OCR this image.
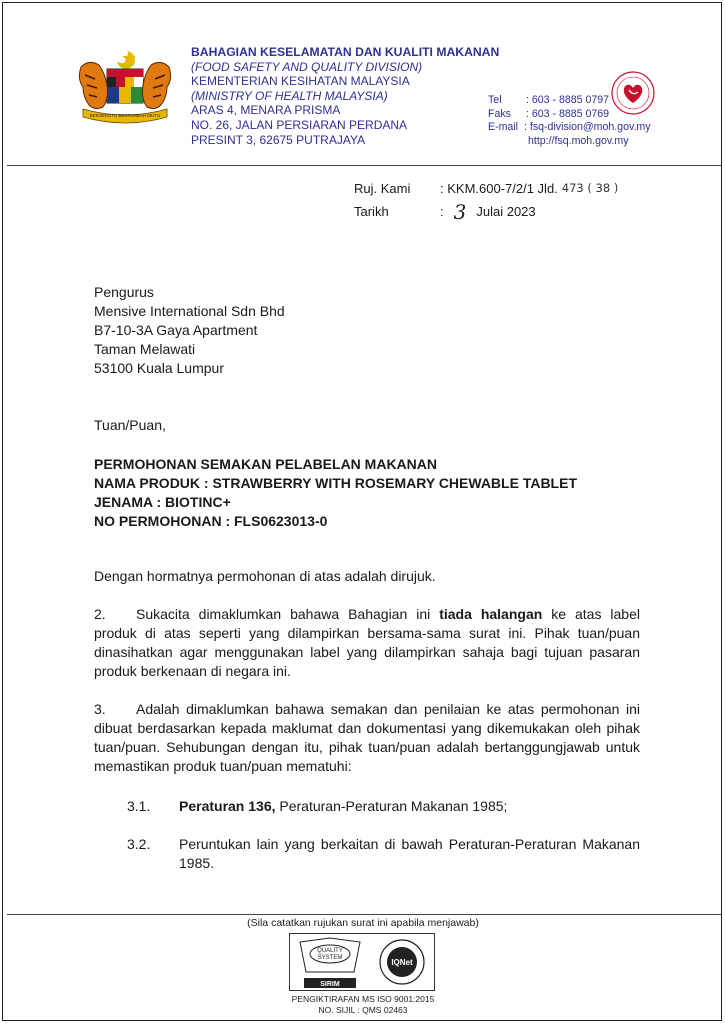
BERSEKUTU BERTAMBAH MUTU
BAHAGIAN KESELAMATAN DAN KUALITI MAKANAN
(FOOD SAFETY AND QUALITY DIVISION)
KEMENTERIAN KESIHATAN MALAYSIA
(MINISTRY OF HEALTH MALAYSIA)
ARAS 4, MENARA PRISMA
NO. 26, JALAN PERSIARAN PERDANA
PRESINT 3, 62675 PUTRAJAYA
Tel	: 603 - 8885 0797
Faks	: 603 - 8885 0769
E-mail : fsq-division@moh.gov.my
http://fsq.moh.gov.my
Ruj. Kami	: KKM.600-7/2/1 Jld. 473 ( 38 )
Tarikh	: 3 Julai 2023
Pengurus
Mensive International Sdn Bhd
B7-10-3A Gaya Apartment
Taman Melawati
53100 Kuala Lumpur
Tuan/Puan,
PERMOHONAN SEMAKAN PELABELAN MAKANAN
NAMA PRODUK : STRAWBERRY WITH ROSEMARY CHEWABLE TABLET
JENAMA : BIOTINC+
NO PERMOHONAN : FLS0623013-0
Dengan hormatnya permohonan di atas adalah dirujuk.
2. Sukacita dimaklumkan bahawa Bahagian ini tiada halangan ke atas label produk di atas seperti yang dilampirkan bersama-sama surat ini. Pihak tuan/puan dinasihatkan agar menggunakan label yang dilampirkan sahaja bagi tujuan pasaran produk berkenaan di negara ini.
3. Adalah dimaklumkan bahawa semakan dan penilaian ke atas permohonan ini dibuat berdasarkan kepada maklumat dan dokumentasi yang dikemukakan oleh pihak tuan/puan. Sehubungan dengan itu, pihak tuan/puan adalah bertanggungjawab untuk memastikan produk tuan/puan mematuhi:
3.1.	Peraturan 136, Peraturan-Peraturan Makanan 1985;
3.2.	Peruntukan lain yang berkaitan di bawah Peraturan-Peraturan Makanan 1985.
(Sila catatkan rujukan surat ini apabila menjawab)
QUALITY
SYSTEM
SIRIM
IQNet
PENGIKTIRAFAN MS ISO 9001:2015
NO. SIJIL : QMS 02463
